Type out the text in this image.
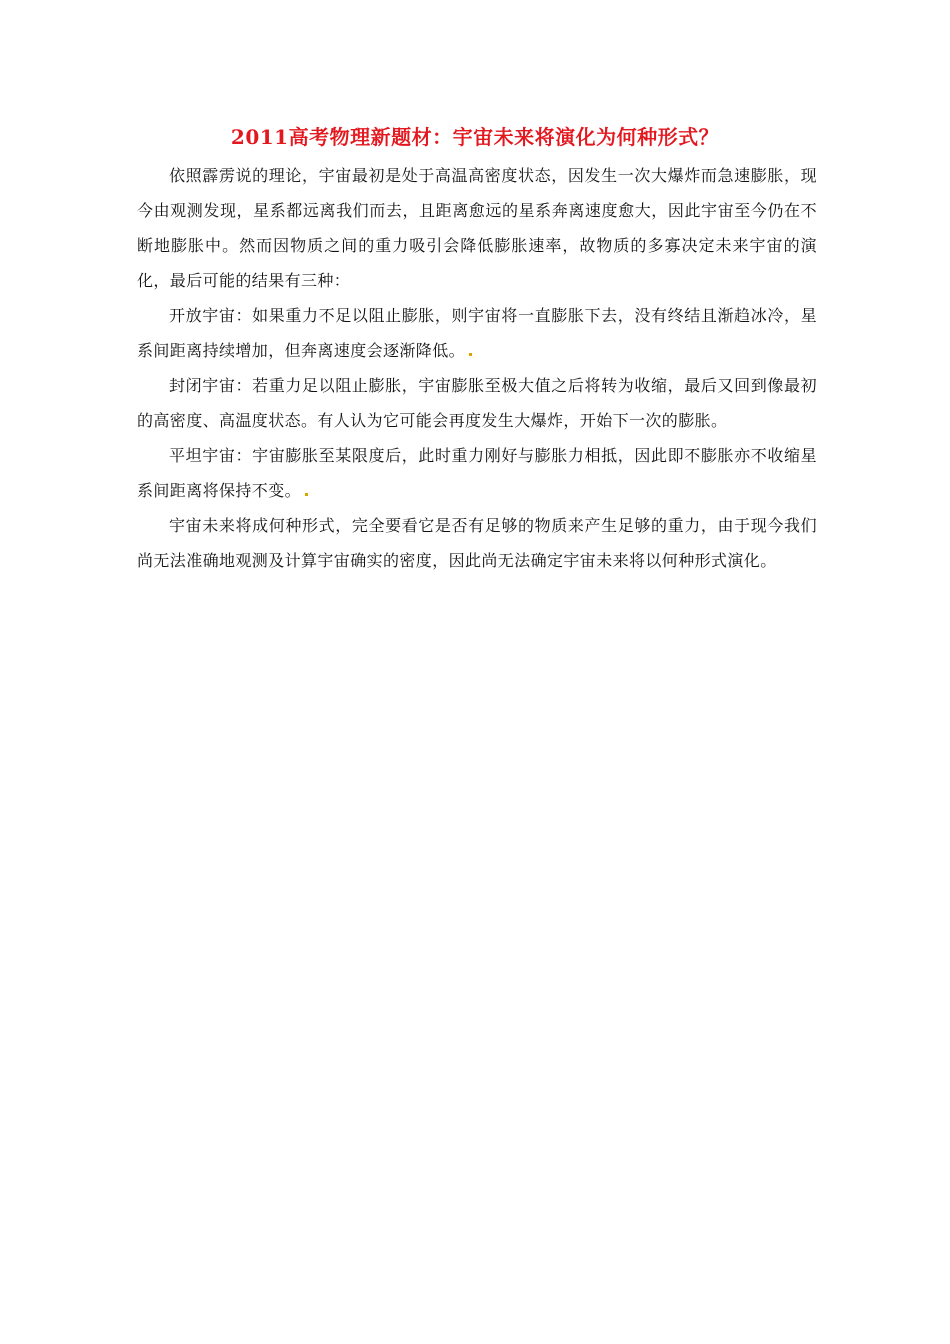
2011高考物理新题材：宇宙未来将演化为何种形式？

依照霹雳说的理论，宇宙最初是处于高温高密度状态，因发生一次大爆炸而急速膨胀，现今由观测发现，星系都远离我们而去，且距离愈远的星系奔离速度愈大，因此宇宙至今仍在不断地膨胀中。然而因物质之间的重力吸引会降低膨胀速率，故物质的多寡决定未来宇宙的演化，最后可能的结果有三种：

开放宇宙：如果重力不足以阻止膨胀，则宇宙将一直膨胀下去，没有终结且渐趋冰冷，星系间距离持续增加，但奔离速度会逐渐降低。

封闭宇宙：若重力足以阻止膨胀，宇宙膨胀至极大值之后将转为收缩，最后又回到像最初的高密度、高温度状态。有人认为它可能会再度发生大爆炸，开始下一次的膨胀。

平坦宇宙：宇宙膨胀至某限度后，此时重力刚好与膨胀力相抵，因此即不膨胀亦不收缩星系间距离将保持不变。

宇宙未来将成何种形式，完全要看它是否有足够的物质来产生足够的重力，由于现今我们尚无法准确地观测及计算宇宙确实的密度，因此尚无法确定宇宙未来将以何种形式演化。
